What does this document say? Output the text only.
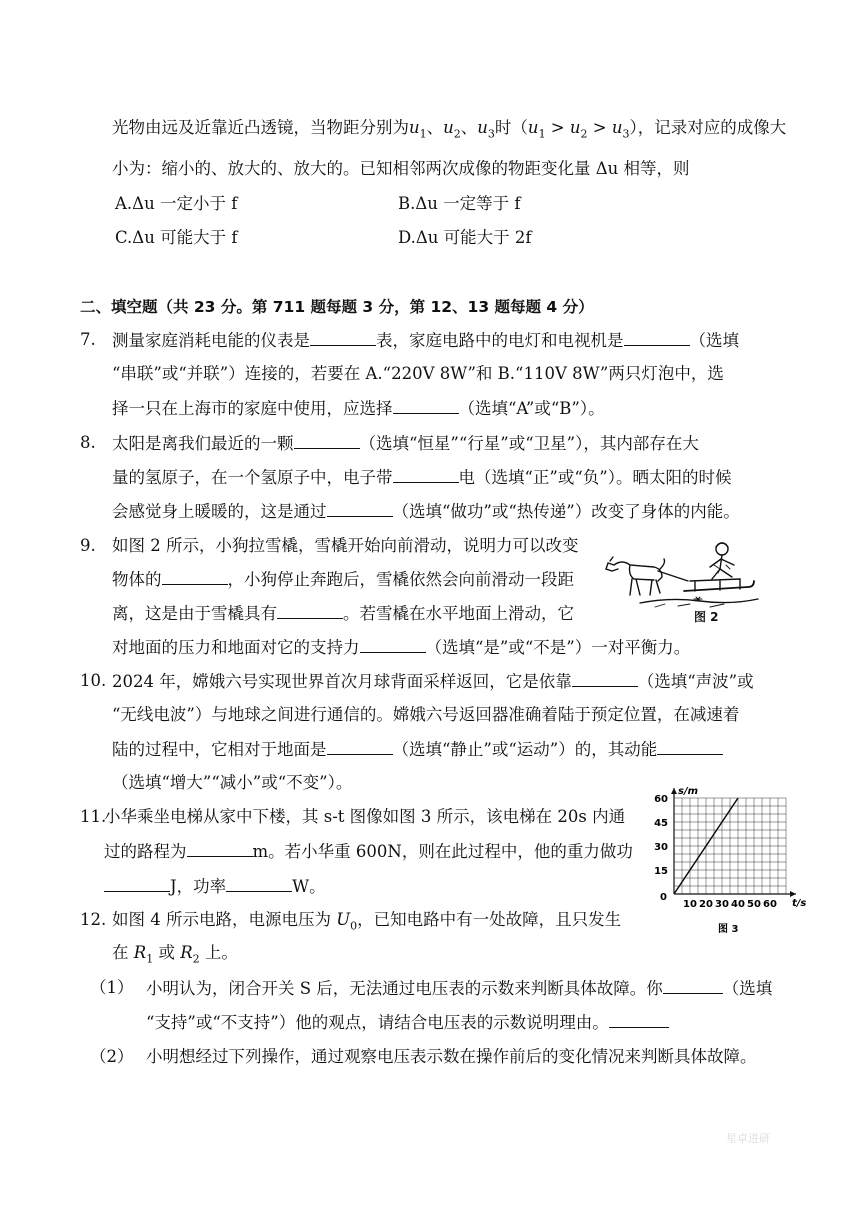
光物由远及近靠近凸透镜，当物距分别为$u_1$、$u_2$、$u_3$时$(u_1 > u_2 > u_3)$，记录对应的成像大
小为：缩小的、放大的、放大的。已知相邻两次成像的物距变化量 Δu 相等，则
A.Δu 一定小于 f	B.Δu 一定等于 f
C.Δu 可能大于 f	D.Δu 可能大于 2f
二、填空题（共 23 分。第 711 题每题 3 分，第 12、13 题每题 4 分）
7. 测量家庭消耗电能的仪表是	表，家庭电路中的电灯和电视机是	（选填
“串联”或“并联”）连接的，若要在 A.“220V 8W”和 B.“110V 8W”两只灯泡中，选
择一只在上海市的家庭中使用，应选择	（选填“A”或“B”）。
8. 太阳是离我们最近的一颗	（选填“恒星”“行星”或“卫星”），其内部存在大
量的氢原子，在一个氢原子中，电子带	电（选填“正”或“负”）。晒太阳的时候
会感觉身上暖暖的，这是通过	（选填“做功”或“热传递”）改变了身体的内能。
9. 如图 2 所示，小狗拉雪橇，雪橇开始向前滑动，说明力可以改变
物体的	，小狗停止奔跑后，雪橇依然会向前滑动一段距
离，这是由于雪橇具有	。若雪橇在水平地面上滑动，它
对地面的压力和地面对它的支持力	（选填“是”或“不是”）一对平衡力。
图 2
10. 2024 年，嫦娥六号实现世界首次月球背面采样返回，它是依靠	（选填“声波”或
“无线电波”）与地球之间进行通信的。嫦娥六号返回器准确着陆于预定位置，在减速着
陆的过程中，它相对于地面是	（选填“静止”或“运动”）的，其动能
（选填“增大”“减小”或“不变”）。
11.
小华乘坐电梯从家中下楼，其 s-t 图像如图 3 所示，该电梯在 20s 内通
过的路程为	m。若小华重 600N，则在此过程中，他的重力做功
J，功率	W。
10 20 30 40 50 60
15
30
45
60
0
t/s
s/m
图 3
12. 如图 4 所示电路，电源电压为 $U_0$，已知电路中有一处故障，且只发生
在 $R_1$ 或 $R_2$ 上。
（1） 小明认为，闭合开关 S 后，无法通过电压表的示数来判断具体故障。你	（选填
“支持”或“不支持”）他的观点，请结合电压表的示数说明理由。
（2） 小明想经过下列操作，通过观察电压表示数在操作前后的变化情况来判断具体故障。
星卓进研
